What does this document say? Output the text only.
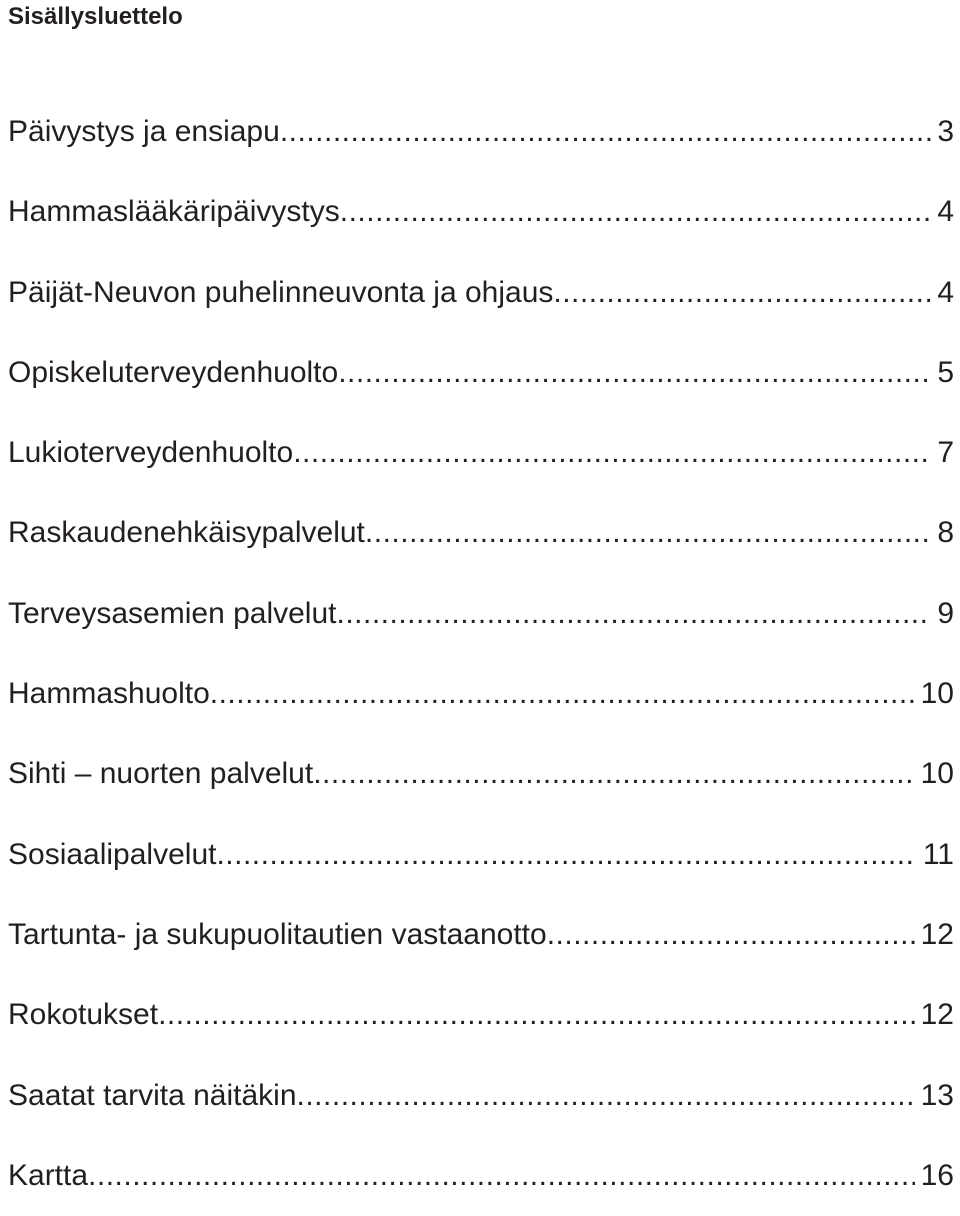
Sisällysluettelo
Päivystys ja ensiapu .....	3
Hammaslääkäripäivystys .....	4
Päijät-Neuvon puhelinneuvonta ja ohjaus .....	4
Opiskeluterveydenhuolto .....	5
Lukioterveydenhuolto .....	7
Raskaudenehkäisypalvelut .....	8
Terveysasemien palvelut .....	9
Hammashuolto .....	10
Sihti – nuorten palvelut .....	10
Sosiaalipalvelut .....	11
Tartunta- ja sukupuolitautien vastaanotto .....	12
Rokotukset .....	12
Saatat tarvita näitäkin .....	13
Kartta .....	16
